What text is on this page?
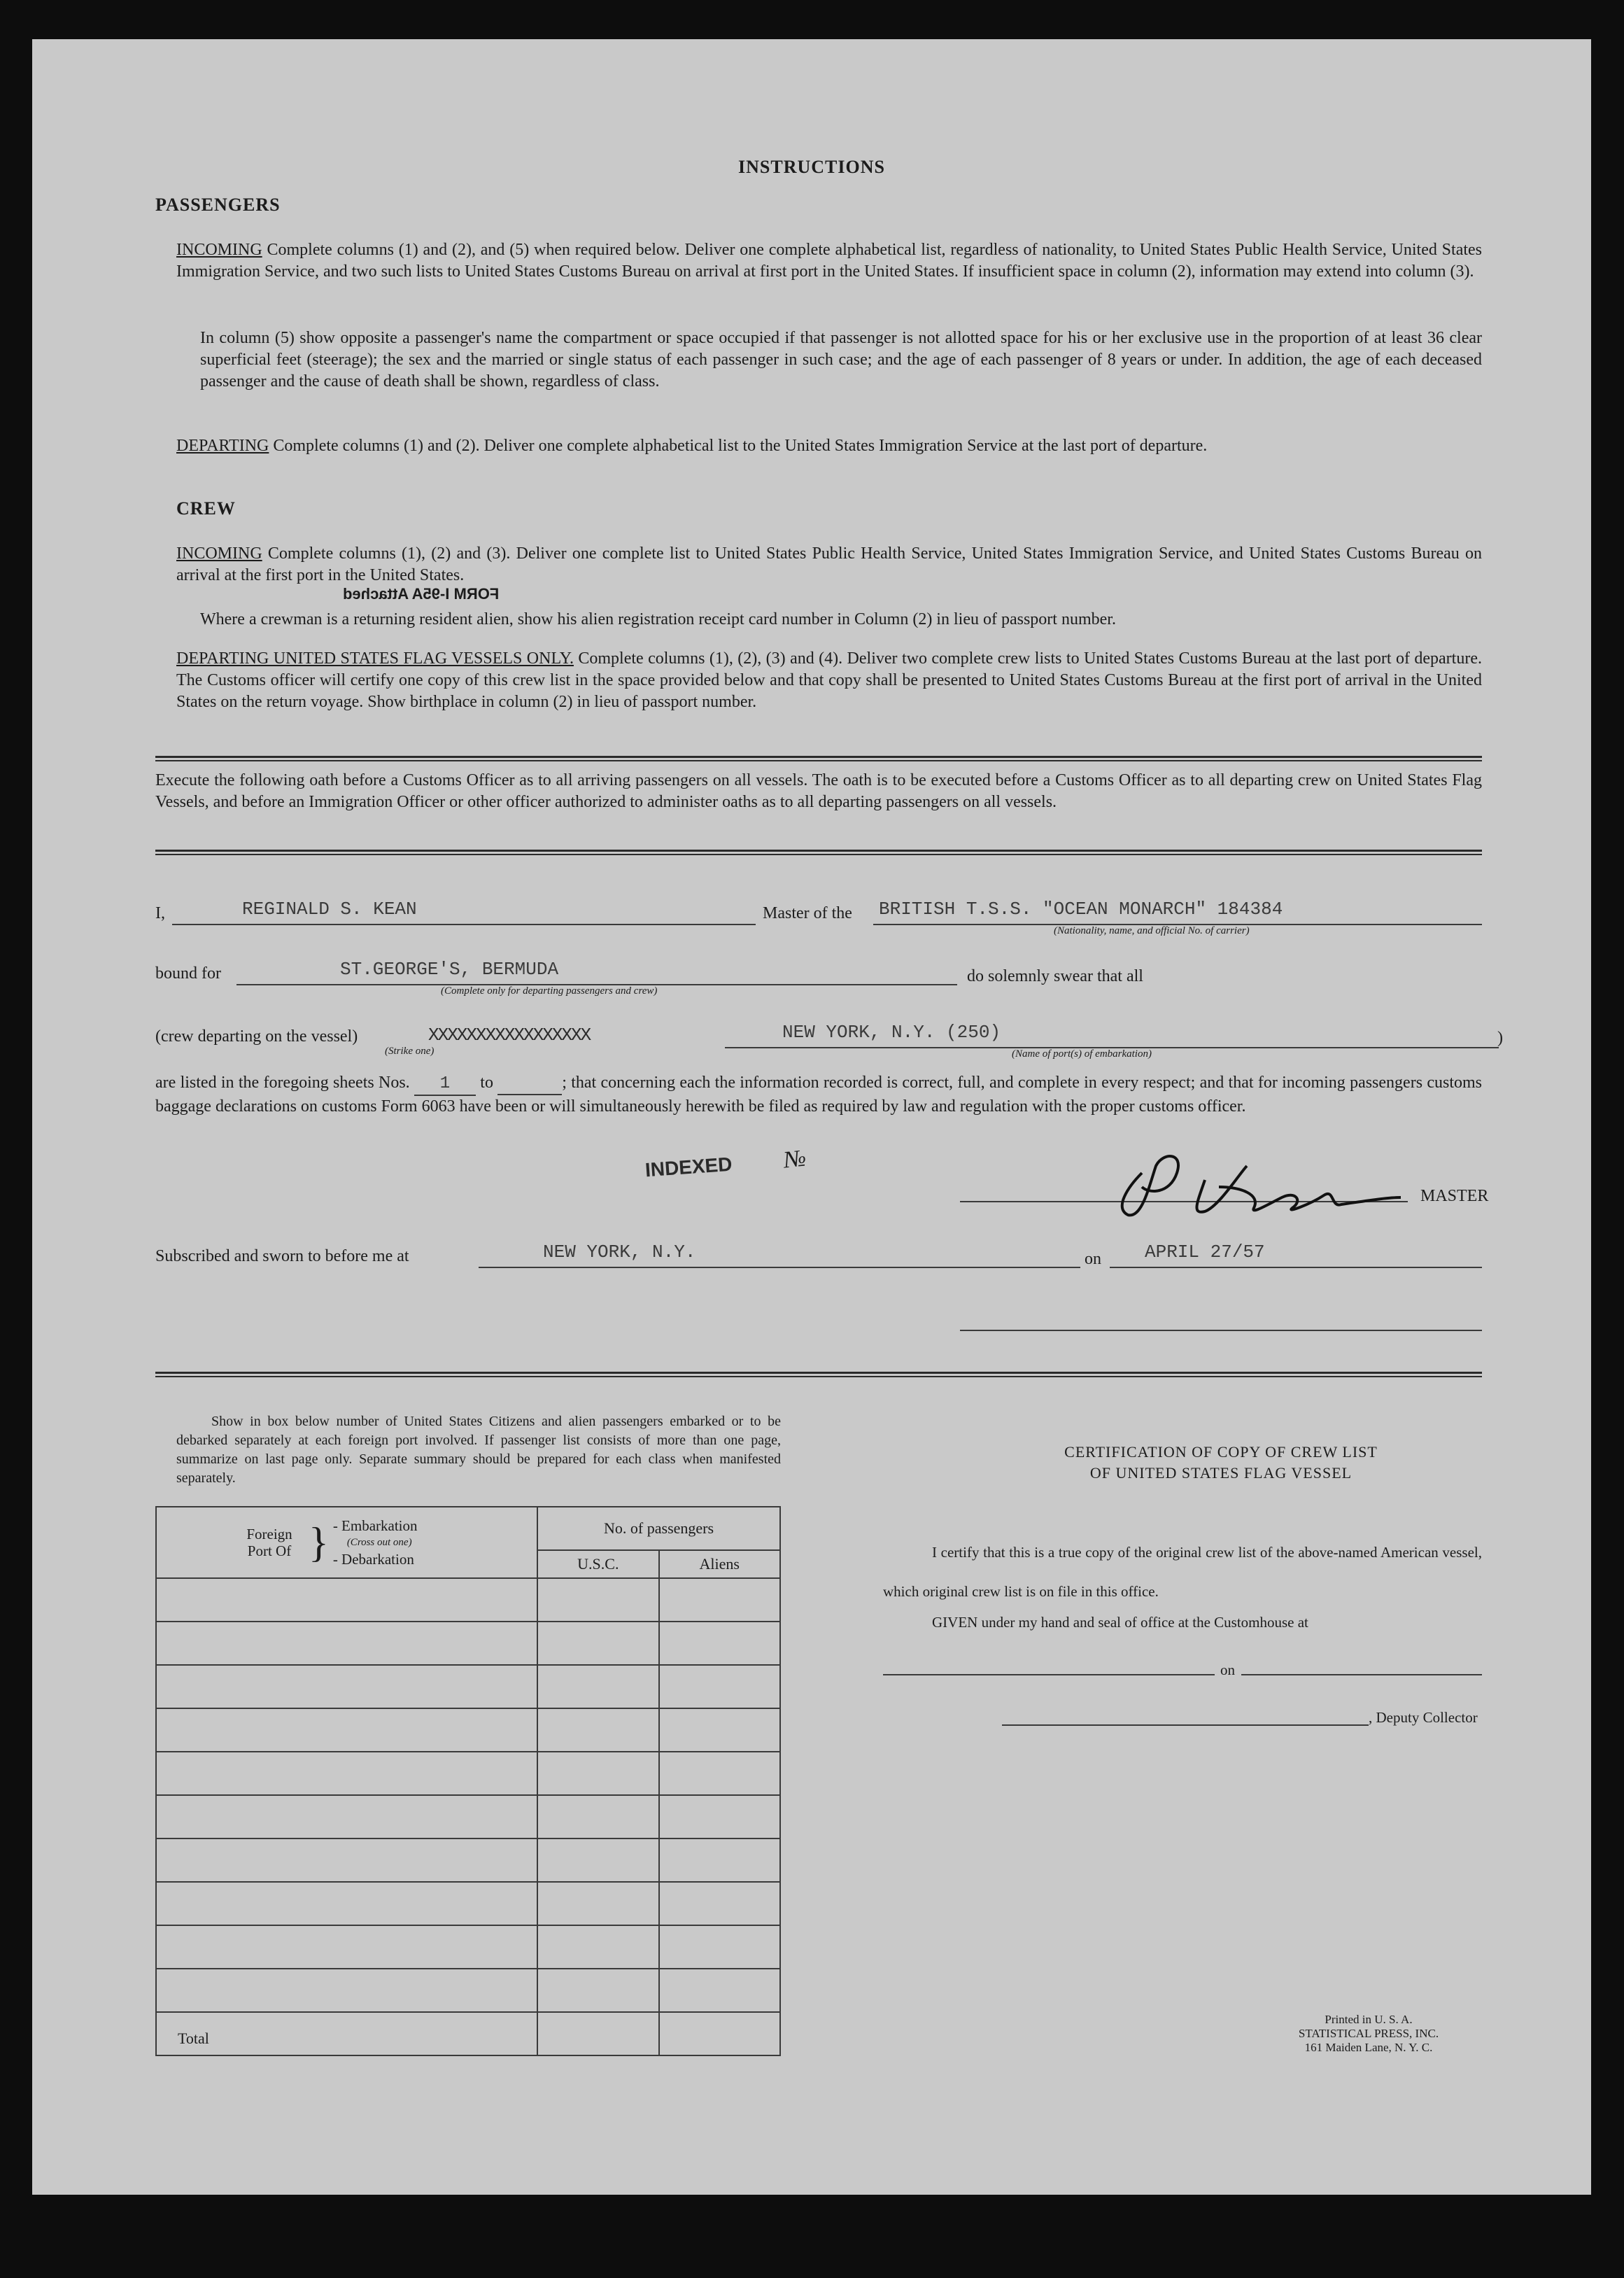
INSTRUCTIONS
PASSENGERS
INCOMING Complete columns (1) and (2), and (5) when required below. Deliver one complete alphabetical list, regardless of nationality, to United States Public Health Service, United States Immigration Service, and two such lists to United States Customs Bureau on arrival at first port in the United States. If insufficient space in column (2), information may extend into column (3).
In column (5) show opposite a passenger's name the compartment or space occupied if that passenger is not allotted space for his or her exclusive use in the proportion of at least 36 clear superficial feet (steerage); the sex and the married or single status of each passenger in such case; and the age of each passenger of 8 years or under. In addition, the age of each deceased passenger and the cause of death shall be shown, regardless of class.
DEPARTING Complete columns (1) and (2). Deliver one complete alphabetical list to the United States Immigration Service at the last port of departure.
CREW
INCOMING Complete columns (1), (2) and (3). Deliver one complete list to United States Public Health Service, United States Immigration Service, and United States Customs Bureau on arrival at the first port in the United States.
FORM I-95A Attached
Where a crewman is a returning resident alien, show his alien registration receipt card number in Column (2) in lieu of passport number.
DEPARTING UNITED STATES FLAG VESSELS ONLY. Complete columns (1), (2), (3) and (4). Deliver two complete crew lists to United States Customs Bureau at the last port of departure. The Customs officer will certify one copy of this crew list in the space provided below and that copy shall be presented to United States Customs Bureau at the first port of arrival in the United States on the return voyage. Show birthplace in column (2) in lieu of passport number.
Execute the following oath before a Customs Officer as to all arriving passengers on all vessels. The oath is to be executed before a Customs Officer as to all departing crew on United States Flag Vessels, and before an Immigration Officer or other officer authorized to administer oaths as to all departing passengers on all vessels.
I,	REGINALD S. KEAN	Master of the BRITISH T.S.S. "OCEAN MONARCH" 184384
(Nationality, name, and official No. of carrier)
bound for	ST.GEORGE'S, BERMUDA
(Complete only for departing passengers and crew)
do solemnly swear that all
(crew departing on the vessel)	XXXXXXXXXXXXXXXXX
(Strike one)
NEW YORK, N.Y. (250)	)
(Name of port(s) of embarkation)
are listed in the foregoing sheets Nos. 1 to	; that concerning each the information recorded is correct, full, and complete in every respect; and that for incoming passengers customs baggage declarations on customs Form 6063 have been or will simultaneously herewith be filed as required by law and regulation with the proper customs officer.
INDEXED №	R Kean
MASTER
Subscribed and sworn to before me at	NEW YORK, N.Y.	on APRIL 27/57
Show in box below number of United States Citizens and alien passengers embarked or to be debarked separately at each foreign port involved. If passenger list consists of more than one page, summarize on last page only. Separate summary should be prepared for each class when manifested separately.
Foreign Port Of } - Embarkation
(Cross out one)
- Debarkation	No. of passengers	
	U.S.C.	Aliens

Total		
CERTIFICATION OF COPY OF CREW LIST
OF UNITED STATES FLAG VESSEL
I certify that this is a true copy of the original crew list of the above-named American vessel, which original crew list is on file in this office.
GIVEN under my hand and seal of office at the Customhouse at
on
, Deputy Collector
Printed in U. S. A.
STATISTICAL PRESS, INC.
161 Maiden Lane, N. Y. C.
